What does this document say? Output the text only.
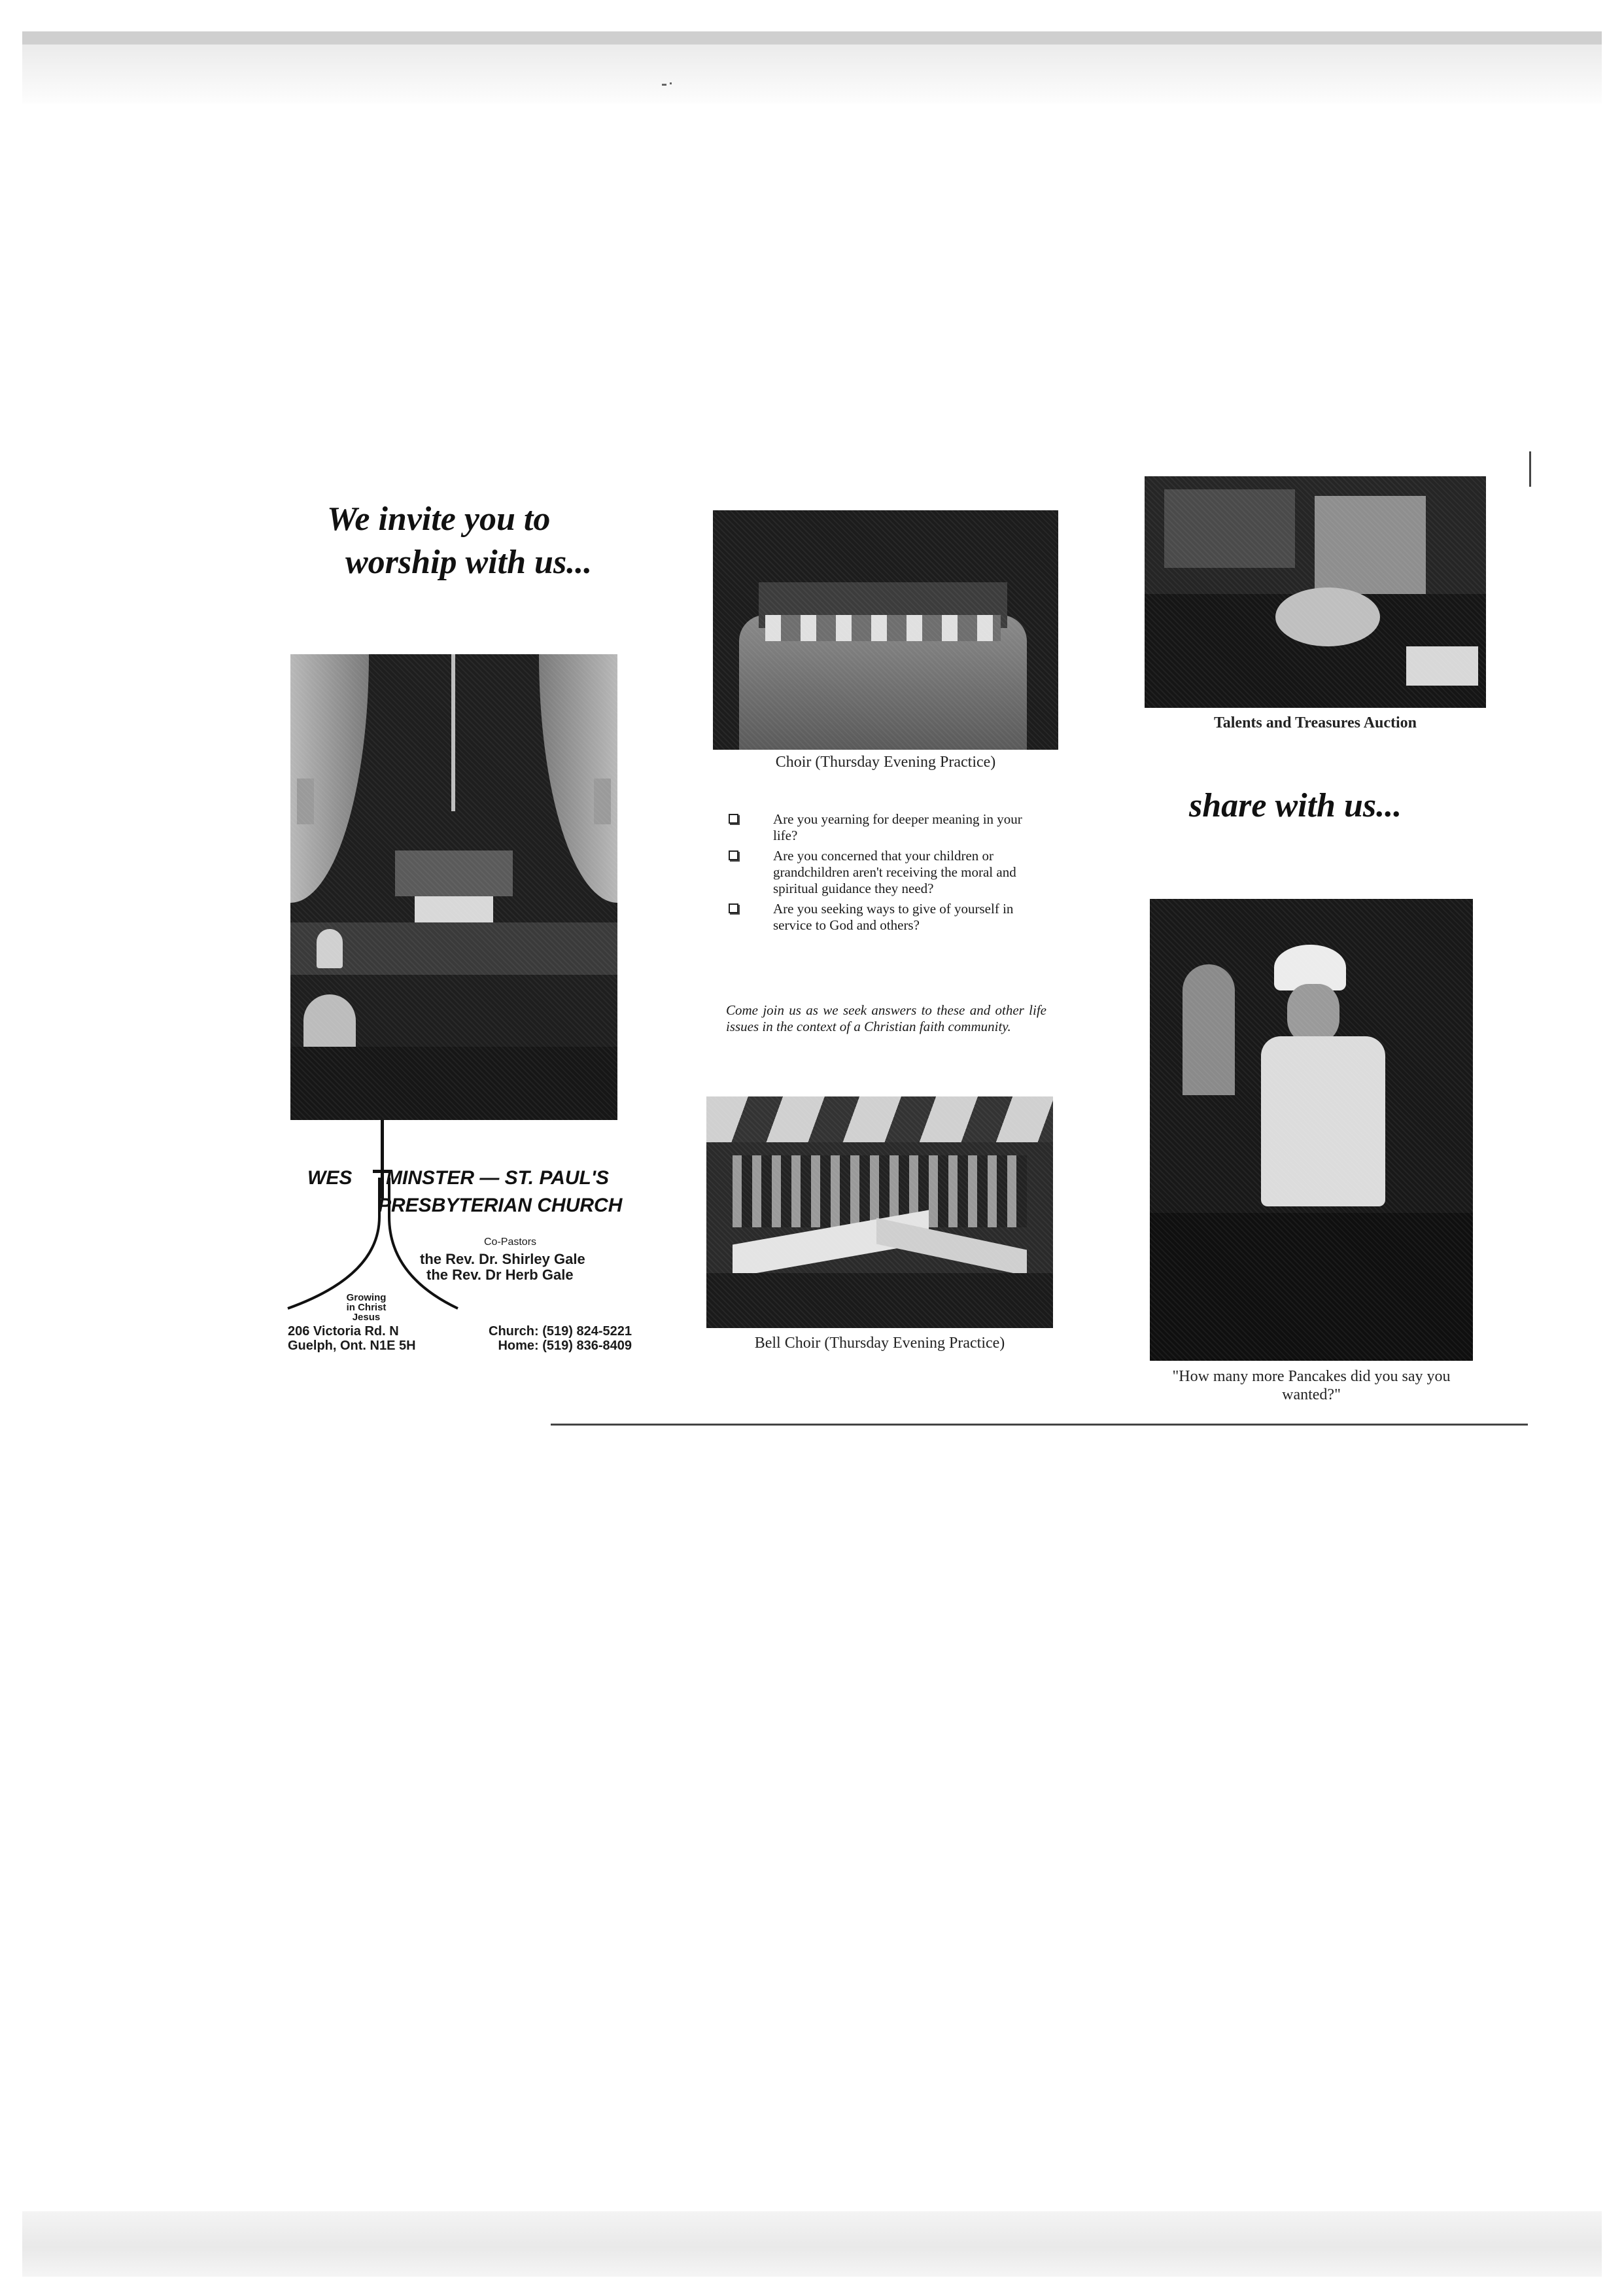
We invite you to
worship with us...
WES MINSTER — ST. PAUL'S
PRESBYTERIAN CHURCH
Co-Pastors
the Rev. Dr. Shirley Gale
the Rev. Dr Herb Gale
Growing
in Christ Jesus
206 Victoria Rd. N
Guelph, Ont. N1E 5H
Church: (519) 824-5221
Home: (519) 836-8409
Choir (Thursday Evening Practice)
Are you yearning for deeper meaning in your life?
Are you concerned that your children or grandchildren aren't receiving the moral and spiritual guidance they need?
Are you seeking ways to give of yourself in service to God and others?
Come join us as we seek answers to these and other life issues in the context of a Christian faith community.
Bell Choir (Thursday Evening Practice)
Talents and Treasures Auction
share with us...
"How many more Pancakes did you say you wanted?"
